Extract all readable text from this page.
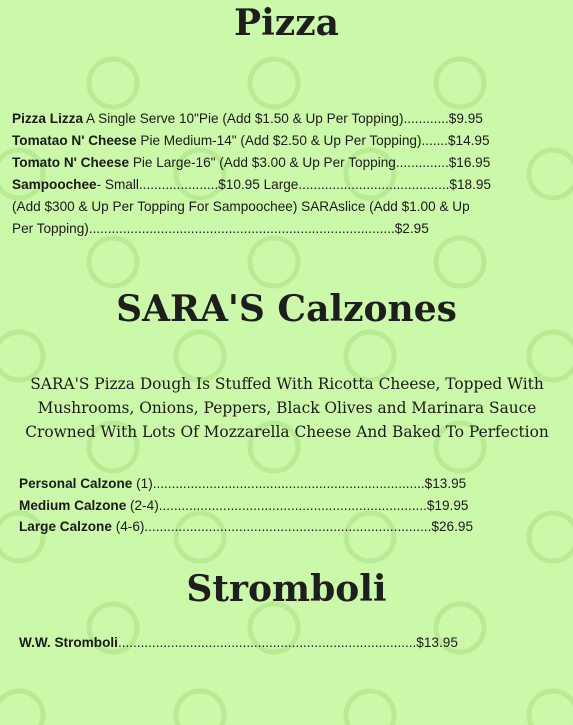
Pizza
Pizza Lizza A Single Serve 10"Pie (Add $1.50 & Up Per Topping)............$9.95
Tomatao N' Cheese Pie Medium-14" (Add $2.50 & Up Per Topping).......$14.95
Tomato N' Cheese Pie Large-16" (Add $3.00 & Up Per Topping..............$16.95
Sampoochee- Small.....................$10.95 Large........................................$18.95
(Add $300 & Up Per Topping For Sampoochee) SARAslice (Add $1.00 & Up
Per Topping).................................................................................$2.95
SARA'S Calzones
SARA'S Pizza Dough Is Stuffed With Ricotta Cheese, Topped With Mushrooms, Onions, Peppers, Black Olives and Marinara Sauce Crowned With Lots Of Mozzarella Cheese And Baked To Perfection
Personal Calzone (1)........................................................................$13.95
Medium Calzone (2-4).......................................................................$19.95
Large Calzone (4-6)............................................................................$26.95
Stromboli
W.W. Stromboli...............................................................................$13.95
